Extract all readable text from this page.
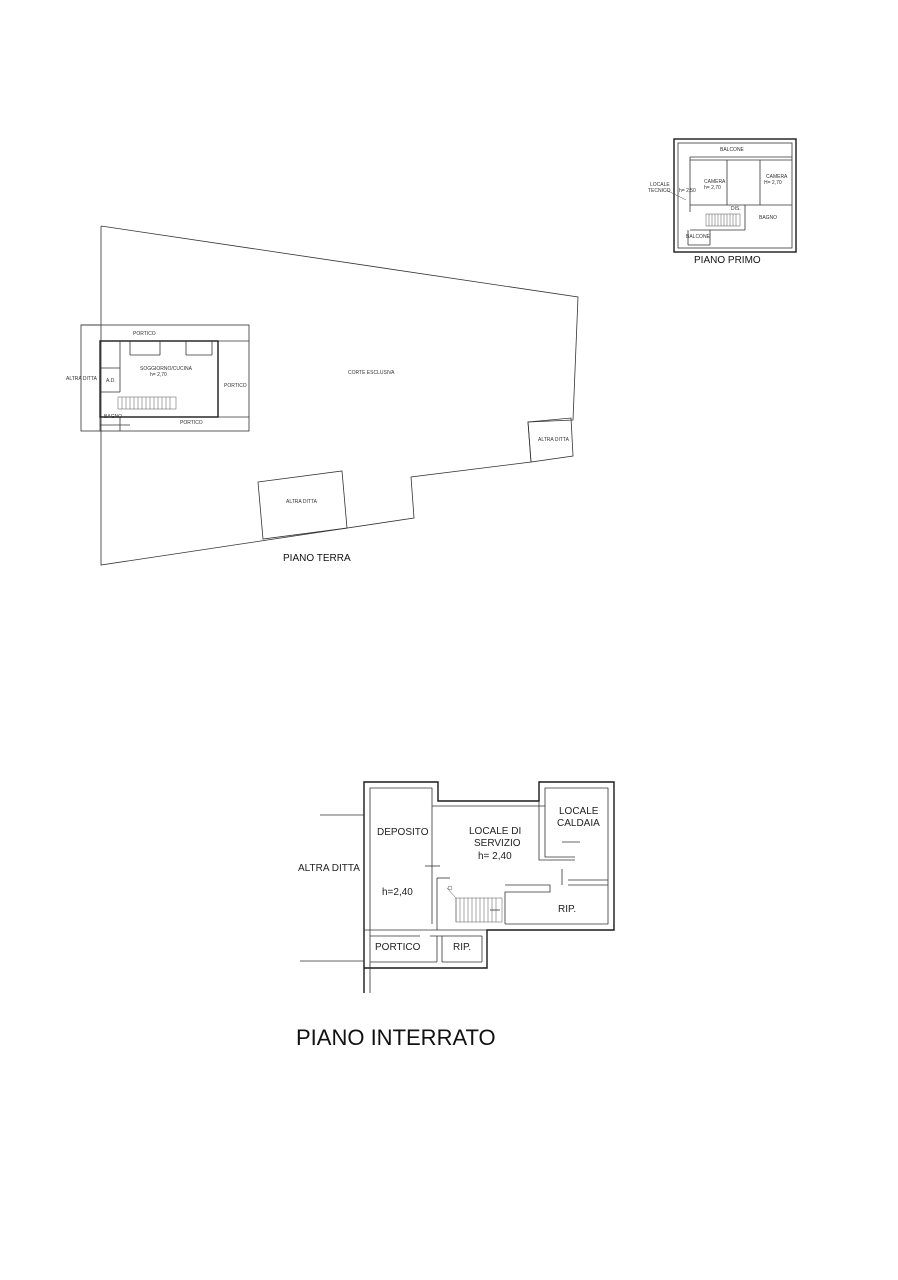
BALCONE
CAMERA
h= 2,70
CAMERA
H= 2,70
LOCALE
TECNICO h= 2,50
DIS.
BAGNO
BALCONE
PIANO PRIMO
PORTICO
SOGGIORNO/CUCINA
h= 2,70
ALTRA DITTA A.D.
PORTICO
BAGNO
PORTICO
CORTE ESCLUSIVA
ALTRA DITTA
ALTRA DITTA
PIANO TERRA
DEPOSITO
h=2,40
LOCALE DI
SERVIZIO
h= 2,40
LOCALE
CALDAIA
ALTRA DITTA
RIP.
PORTICO	RIP.
PIANO INTERRATO
